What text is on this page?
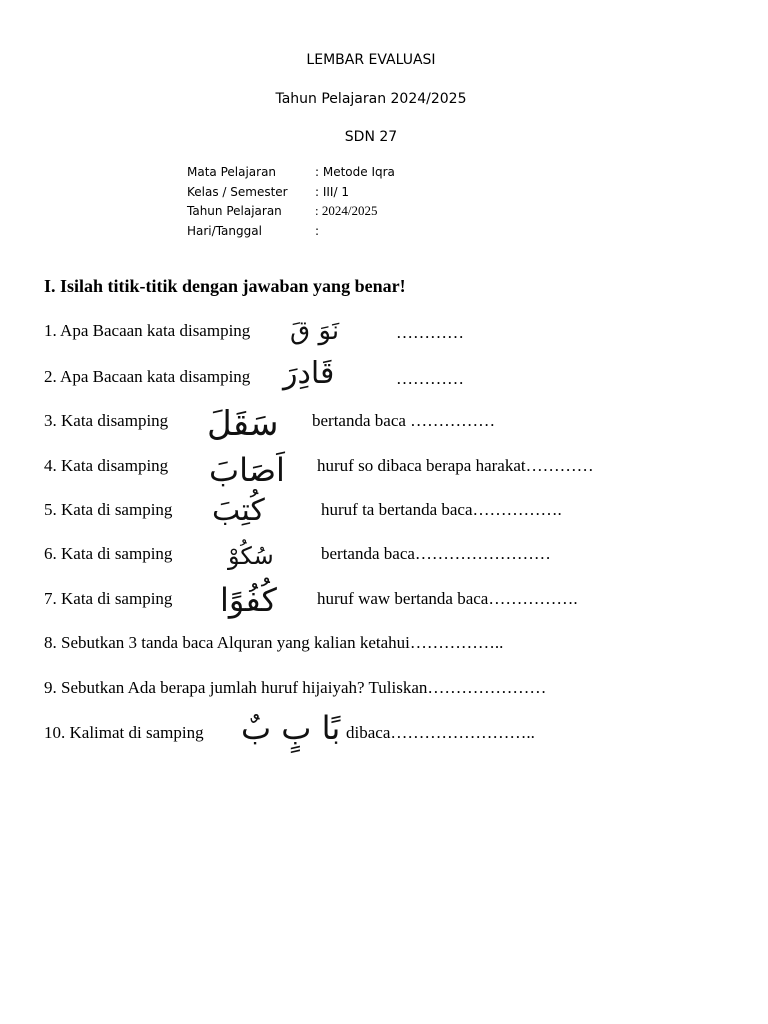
LEMBAR EVALUASI
Tahun Pelajaran 2024/2025
SDN 27
Mata Pelajaran	: Metode Iqra
Kelas / Semester : III/ 1
Tahun Pelajaran	: 2024/2025
Hari/Tanggal	:
I. Isilah titik-titik dengan jawaban yang benar!
1. Apa Bacaan kata disamping نَوَ قَ	…………
2. Apa Bacaan kata disamping قَادِرَ	…………
3. Kata disamping سَقَلَ bertanda baca ……………
4. Kata disamping اَصَابَ huruf so dibaca berapa harakat…………
5. Kata di samping كُتِبَ	huruf ta bertanda baca…………….
6. Kata di samping سُكُوْ	bertanda baca……………………
7. Kata di samping كُفُوًا huruf waw bertanda baca…………….
8. Sebutkan 3 tanda baca Alquran yang kalian ketahui……………..
9. Sebutkan Ada berapa jumlah huruf hijaiyah? Tuliskan…………………
10. Kalimat di samping بًا بٍ بٌ dibaca……………………..
